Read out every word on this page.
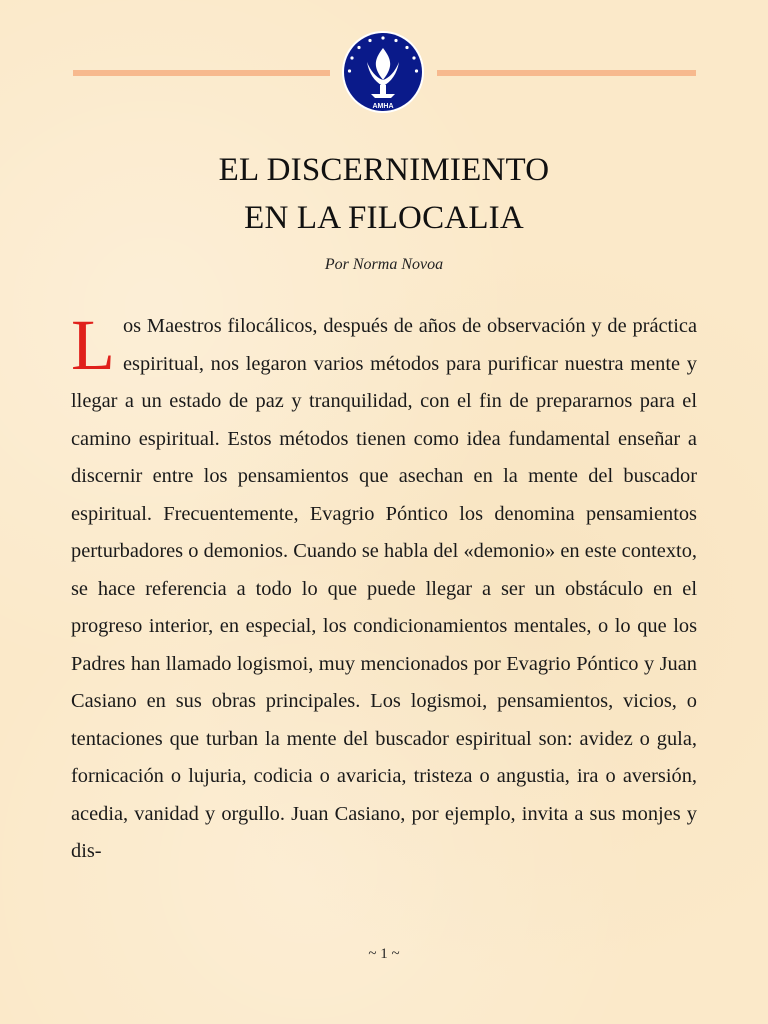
AMHA
EL DISCERNIMIENTO
EN LA FILOCALIA
Por Norma Novoa
Los Maestros filocálicos, después de años de observación y de práctica espiritual, nos legaron varios métodos para purificar nuestra mente y llegar a un estado de paz y tranquilidad, con el fin de prepararnos para el camino espiritual. Estos métodos tienen como idea fundamental enseñar a discernir entre los pensamientos que asechan en la mente del buscador espiritual. Frecuentemente, Evagrio Póntico los denomina pensamientos perturbadores o demonios. Cuando se habla del «demonio» en este contexto, se hace referencia a todo lo que puede llegar a ser un obstáculo en el progreso interior, en especial, los condicionamientos mentales, o lo que los Padres han llamado logismoi, muy mencionados por Evagrio Póntico y Juan Casiano en sus obras principales. Los logismoi, pensamientos, vicios, o tentaciones que turban la mente del buscador espiritual son: avidez o gula, fornicación o lujuria, codicia o avaricia, tristeza o angustia, ira o aversión, acedia, vanidad y orgullo. Juan Casiano, por ejemplo, invita a sus monjes y dis-
~ 1 ~
